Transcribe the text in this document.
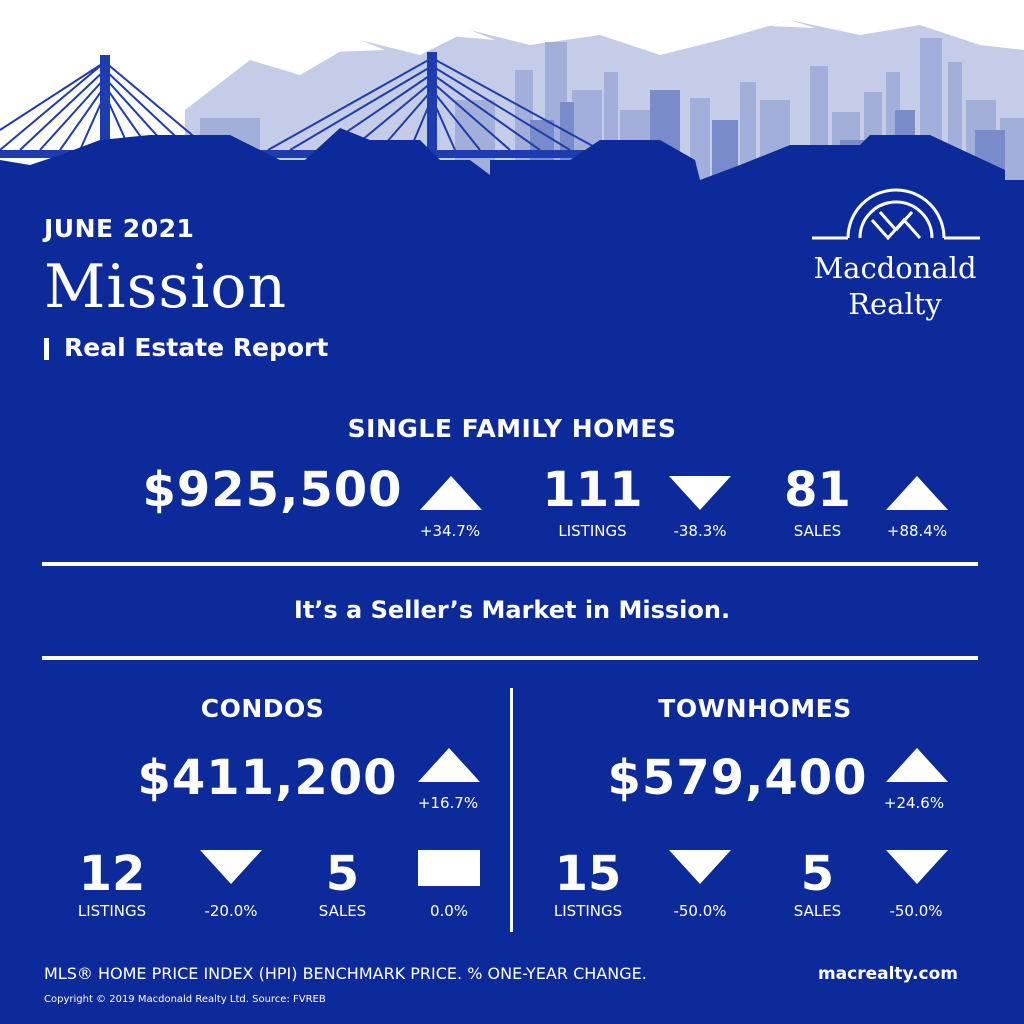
JUNE 2021
Mission
Real Estate Report
Macdonald Realty
SINGLE FAMILY HOMES
$925,500
+34.7%
111
LISTINGS	-38.3%
81
SALES	+88.4%
It’s a Seller’s Market in Mission.
CONDOS
$411,200	+16.7%
12
LISTINGS	-20.0%
5
SALES	0.0%
TOWNHOMES
$579,400	+24.6%
15
LISTINGS	-50.0%
5
SALES	-50.0%
MLS® HOME PRICE INDEX (HPI) BENCHMARK PRICE. % ONE-YEAR CHANGE.
Copyright © 2019 Macdonald Realty Ltd. Source: FVREB
macrealty.com
